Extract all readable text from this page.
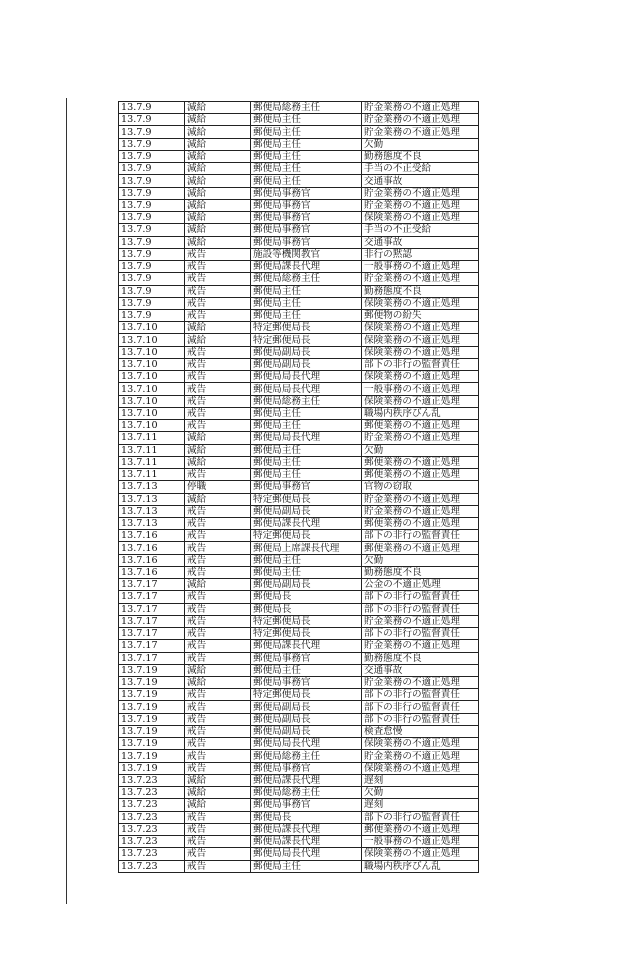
13.7.9	減給	郵便局総務主任	貯金業務の不適正処理
13.7.9	減給	郵便局主任	貯金業務の不適正処理
13.7.9	減給	郵便局主任	貯金業務の不適正処理
13.7.9	減給	郵便局主任	欠勤
13.7.9	減給	郵便局主任	勤務態度不良
13.7.9	減給	郵便局主任	手当の不正受給
13.7.9	減給	郵便局主任	交通事故
13.7.9	減給	郵便局事務官	貯金業務の不適正処理
13.7.9	減給	郵便局事務官	貯金業務の不適正処理
13.7.9	減給	郵便局事務官	保険業務の不適正処理
13.7.9	減給	郵便局事務官	手当の不正受給
13.7.9	減給	郵便局事務官	交通事故
13.7.9	戒告	施設等機関教官	非行の黙認
13.7.9	戒告	郵便局課長代理	一般事務の不適正処理
13.7.9	戒告	郵便局総務主任	貯金業務の不適正処理
13.7.9	戒告	郵便局主任	勤務態度不良
13.7.9	戒告	郵便局主任	保険業務の不適正処理
13.7.9	戒告	郵便局主任	郵便物の紛失
13.7.10	減給	特定郵便局長	保険業務の不適正処理
13.7.10	減給	特定郵便局長	保険業務の不適正処理
13.7.10	戒告	郵便局副局長	保険業務の不適正処理
13.7.10	戒告	郵便局副局長	部下の非行の監督責任
13.7.10	戒告	郵便局局長代理	保険業務の不適正処理
13.7.10	戒告	郵便局局長代理	一般事務の不適正処理
13.7.10	戒告	郵便局総務主任	保険業務の不適正処理
13.7.10	戒告	郵便局主任	職場内秩序びん乱
13.7.10	戒告	郵便局主任	郵便業務の不適正処理
13.7.11	減給	郵便局局長代理	貯金業務の不適正処理
13.7.11	減給	郵便局主任	欠勤
13.7.11	減給	郵便局主任	郵便業務の不適正処理
13.7.11	戒告	郵便局主任	郵便業務の不適正処理
13.7.13	停職	郵便局事務官	官物の窃取
13.7.13	減給	特定郵便局長	貯金業務の不適正処理
13.7.13	戒告	郵便局副局長	貯金業務の不適正処理
13.7.13	戒告	郵便局課長代理	郵便業務の不適正処理
13.7.16	戒告	特定郵便局長	部下の非行の監督責任
13.7.16	戒告	郵便局上席課長代理	郵便業務の不適正処理
13.7.16	戒告	郵便局主任	欠勤
13.7.16	戒告	郵便局主任	勤務態度不良
13.7.17	減給	郵便局副局長	公金の不適正処理
13.7.17	戒告	郵便局長	部下の非行の監督責任
13.7.17	戒告	郵便局長	部下の非行の監督責任
13.7.17	戒告	特定郵便局長	貯金業務の不適正処理
13.7.17	戒告	特定郵便局長	部下の非行の監督責任
13.7.17	戒告	郵便局課長代理	貯金業務の不適正処理
13.7.17	戒告	郵便局事務官	勤務態度不良
13.7.19	減給	郵便局主任	交通事故
13.7.19	減給	郵便局事務官	貯金業務の不適正処理
13.7.19	戒告	特定郵便局長	部下の非行の監督責任
13.7.19	戒告	郵便局副局長	部下の非行の監督責任
13.7.19	戒告	郵便局副局長	部下の非行の監督責任
13.7.19	戒告	郵便局副局長	検査怠慢
13.7.19	戒告	郵便局局長代理	保険業務の不適正処理
13.7.19	戒告	郵便局総務主任	貯金業務の不適正処理
13.7.19	戒告	郵便局事務官	保険業務の不適正処理
13.7.23	減給	郵便局課長代理	遅刻
13.7.23	減給	郵便局総務主任	欠勤
13.7.23	減給	郵便局事務官	遅刻
13.7.23	戒告	郵便局長	部下の非行の監督責任
13.7.23	戒告	郵便局課長代理	郵便業務の不適正処理
13.7.23	戒告	郵便局課長代理	一般事務の不適正処理
13.7.23	戒告	郵便局局長代理	保険業務の不適正処理
13.7.23	戒告	郵便局主任	職場内秩序びん乱
